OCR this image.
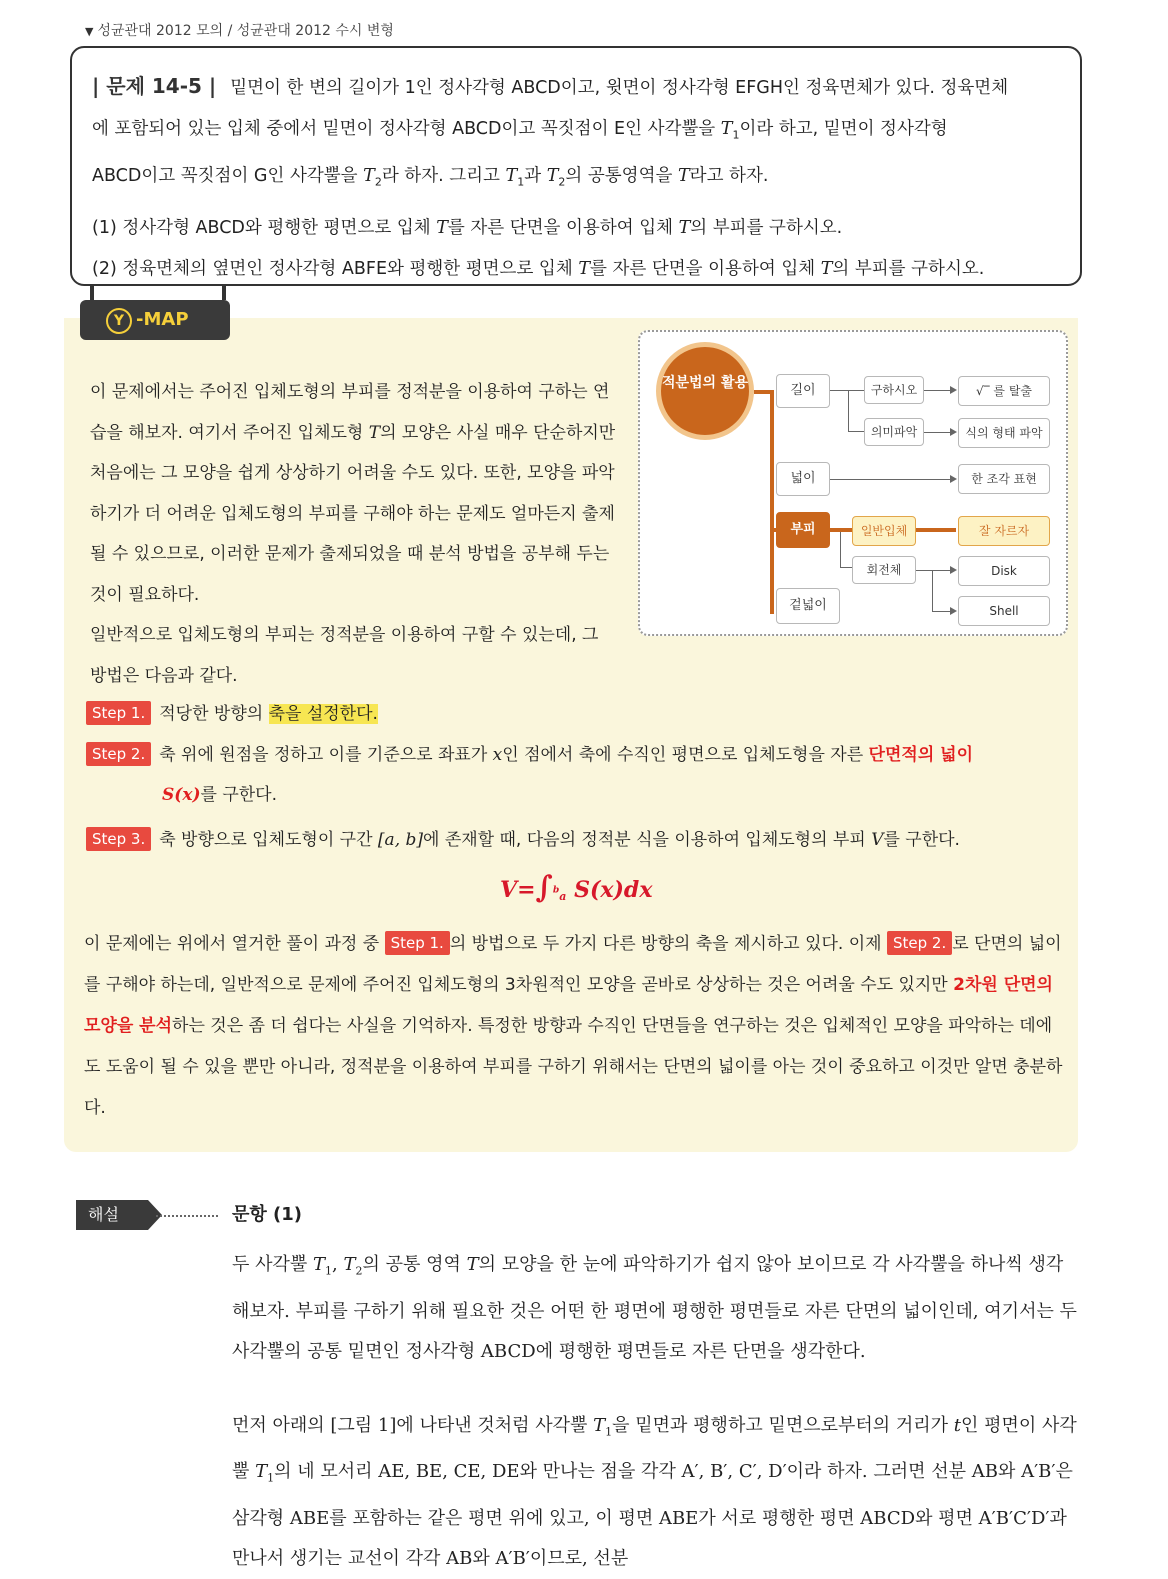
▼ 성균관대 2012 모의 / 성균관대 2012 수시 변형

| 문제 14-5 | 밑면이 한 변의 길이가 1인 정사각형 ABCD이고, 윗면이 정사각형 EFGH인 정육면체가 있다. 정육면체

에 포함되어 있는 입체 중에서 밑면이 정사각형 ABCD이고 꼭짓점이 E인 사각뿔을 $T_1$이라 하고, 밑면이 정사각형

ABCD이고 꼭짓점이 G인 사각뿔을 $T_2$라 하자. 그리고 $T_1$과 $T_2$의 공통영역을 T라고 하자.

(1) 정사각형 ABCD와 평행한 평면으로 입체 T를 자른 단면을 이용하여 입체 T의 부피를 구하시오.

(2) 정육면체의 옆면인 정사각형 ABFE와 평행한 평면으로 입체 T를 자른 단면을 이용하여 입체 T의 부피를 구하시오.

Y -MAP

이 문제에서는 주어진 입체도형의 부피를 정적분을 이용하여 구하는 연습을 해보자. 여기서 주어진 입체도형 T의 모양은 사실 매우 단순하지만 처음에는 그 모양을 쉽게 상상하기 어려울 수도 있다. 또한, 모양을 파악하기가 더 어려운 입체도형의 부피를 구해야 하는 문제도 얼마든지 출제될 수 있으므로, 이러한 문제가 출제되었을 때 분석 방법을 공부해 두는 것이 필요하다.

일반적으로 입체도형의 부피는 정적분을 이용하여 구할 수 있는데, 그 방법은 다음과 같다.

적분법의 활용	길이
넓이
부피
겉넓이
구하시오
의미파악
√‾ 를 탈출
식의 형태 파악
한 조각 표현
일반입체	잘 자르자
회전체	Disk
Shell
Step 1. 적당한 방향의 축을 설정한다.
Step 2. 축 위에 원점을 정하고 이를 기준으로 좌표가 x인 점에서 축에 수직인 평면으로 입체도형을 자른 단면적의 넓이
S(x)를 구한다.
Step 3. 축 방향으로 입체도형이 구간 [a, b]에 존재할 때, 다음의 정적분 식을 이용하여 입체도형의 부피 V를 구한다.
V=∫$^b_a$ S(x)dx

이 문제에는 위에서 열거한 풀이 과정 중 Step 1. 의 방법으로 두 가지 다른 방향의 축을 제시하고 있다. 이제 Step 2. 로 단면의 넓이를 구해야 하는데, 일반적으로 문제에 주어진 입체도형의 3차원적인 모양을 곧바로 상상하는 것은 어려울 수도 있지만 2차원 단면의 모양을 분석하는 것은 좀 더 쉽다는 사실을 기억하자. 특정한 방향과 수직인 단면들을 연구하는 것은 입체적인 모양을 파악하는 데에도 도움이 될 수 있을 뿐만 아니라, 정적분을 이용하여 부피를 구하기 위해서는 단면의 넓이를 아는 것이 중요하고 이것만 알면 충분하다.

해설	문항 (1)

두 사각뿔 $T_1$, $T_2$의 공통 영역 T의 모양을 한 눈에 파악하기가 쉽지 않아 보이므로 각 사각뿔을 하나씩 생각해보자. 부피를 구하기 위해 필요한 것은 어떤 한 평면에 평행한 평면들로 자른 단면의 넓이인데, 여기서는 두 사각뿔의 공통 밑면인 정사각형 ABCD에 평행한 평면들로 자른 단면을 생각한다.

먼저 아래의 [그림 1]에 나타낸 것처럼 사각뿔 $T_1$을 밑면과 평행하고 밑면으로부터의 거리가 t인 평면이 사각뿔 $T_1$의 네 모서리 AE, BE, CE, DE와 만나는 점을 각각 A′, B′, C′, D′이라 하자. 그러면 선분 AB와 A′B′은 삼각형 ABE를 포함하는 같은 평면 위에 있고, 이 평면 ABE가 서로 평행한 평면 ABCD와 평면 A′B′C′D′과 만나서 생기는 교선이 각각 AB와 A′B′이므로, 선분
